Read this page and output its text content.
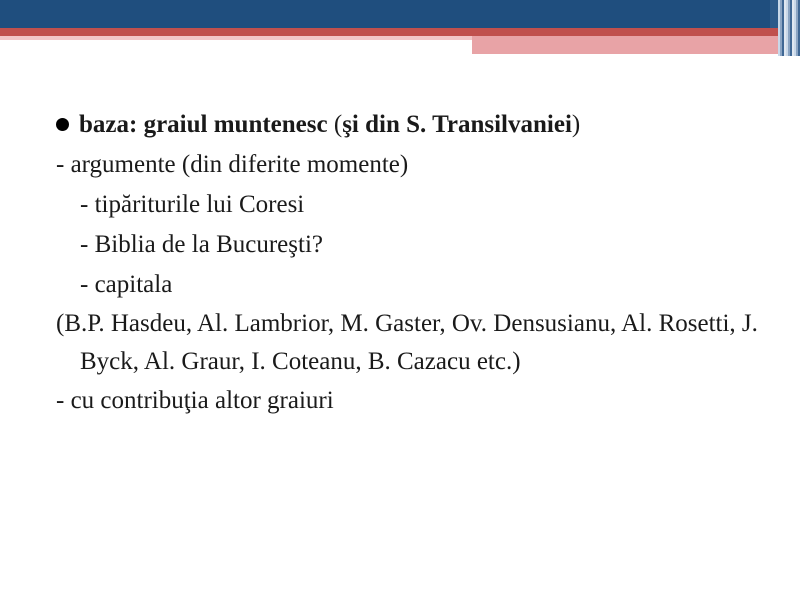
baza: graiul muntenesc (şi din S. Transilvaniei)
- argumente (din diferite momente)
- tipăriturile lui Coresi
- Biblia de la Bucureşti?
- capitala
(B.P. Hasdeu, Al. Lambrior, M. Gaster, Ov. Densusianu, Al. Rosetti, J. Byck, Al. Graur, I. Coteanu, B. Cazacu etc.)
- cu contribuţia altor graiuri
